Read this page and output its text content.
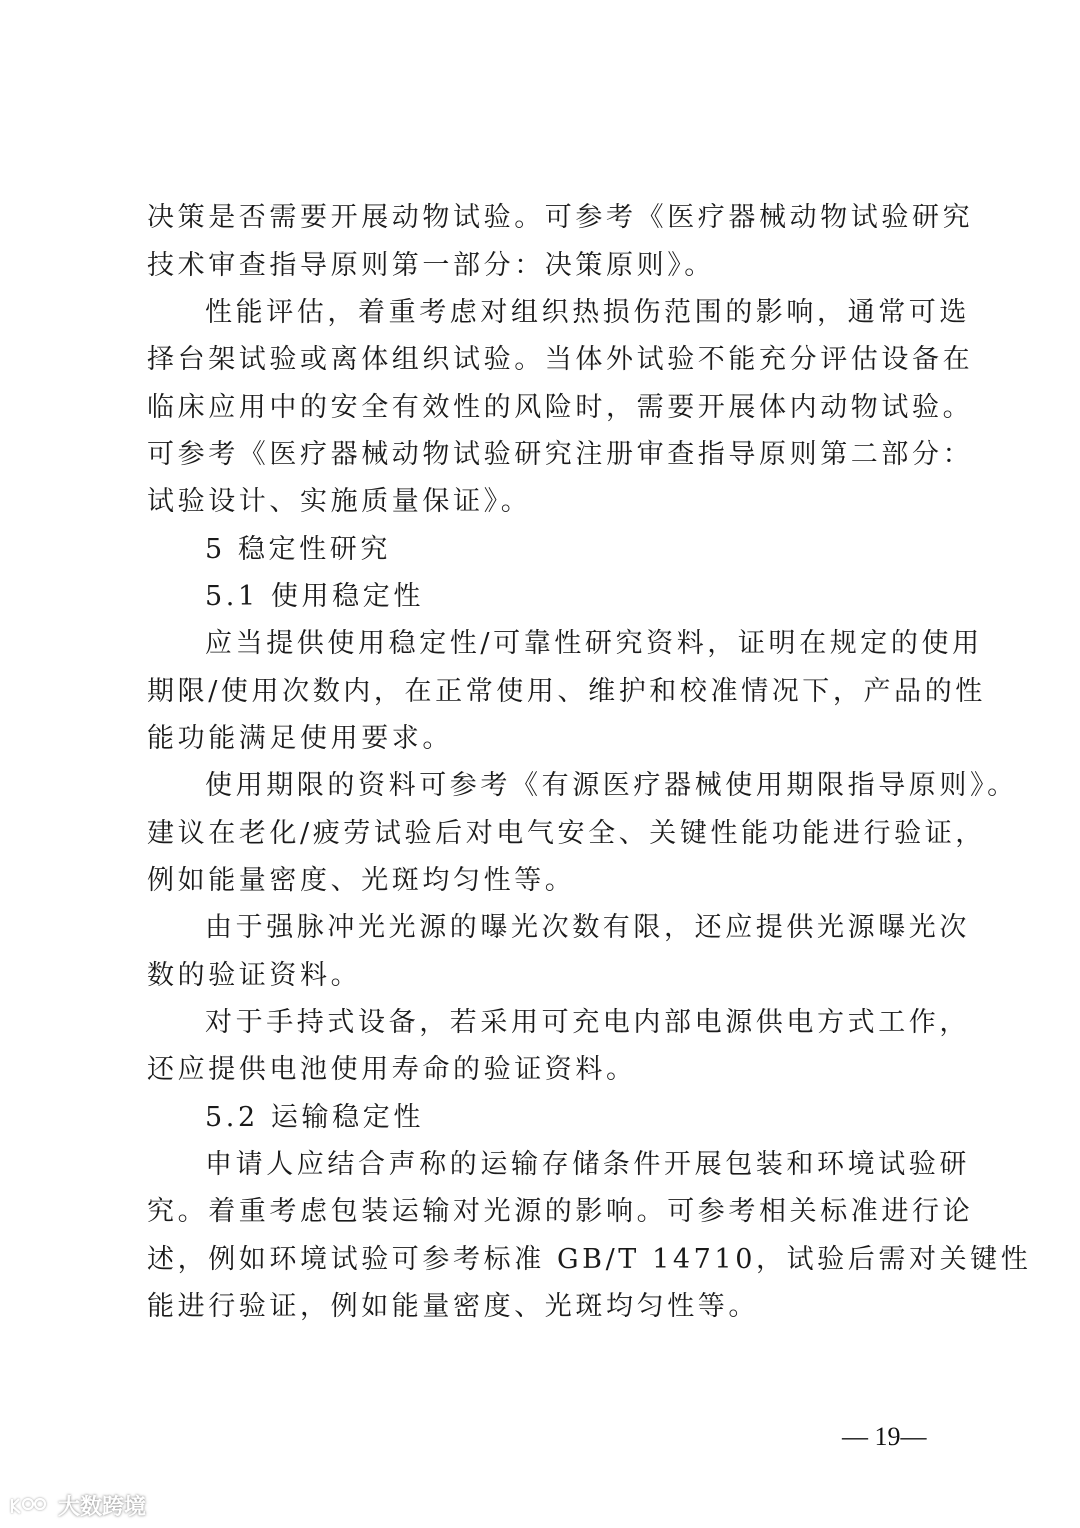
决策是否需要开展动物试验。可参考《医疗器械动物试验研究
技术审查指导原则第一部分：决策原则》。
性能评估，着重考虑对组织热损伤范围的影响，通常可选
择台架试验或离体组织试验。当体外试验不能充分评估设备在
临床应用中的安全有效性的风险时，需要开展体内动物试验。
可参考《医疗器械动物试验研究注册审查指导原则第二部分：
试验设计、实施质量保证》。
5 稳定性研究
5.1 使用稳定性
应当提供使用稳定性/可靠性研究资料，证明在规定的使用
期限/使用次数内，在正常使用、维护和校准情况下，产品的性
能功能满足使用要求。
使用期限的资料可参考《有源医疗器械使用期限指导原则》。
建议在老化/疲劳试验后对电气安全、关键性能功能进行验证，
例如能量密度、光斑均匀性等。
由于强脉冲光光源的曝光次数有限，还应提供光源曝光次
数的验证资料。
对于手持式设备，若采用可充电内部电源供电方式工作，
还应提供电池使用寿命的验证资料。
5.2 运输稳定性
申请人应结合声称的运输存储条件开展包装和环境试验研
究。着重考虑包装运输对光源的影响。可参考相关标准进行论
述，例如环境试验可参考标准 GB/T 14710，试验后需对关键性
能进行验证，例如能量密度、光斑均匀性等。
— 19—
大数跨境
